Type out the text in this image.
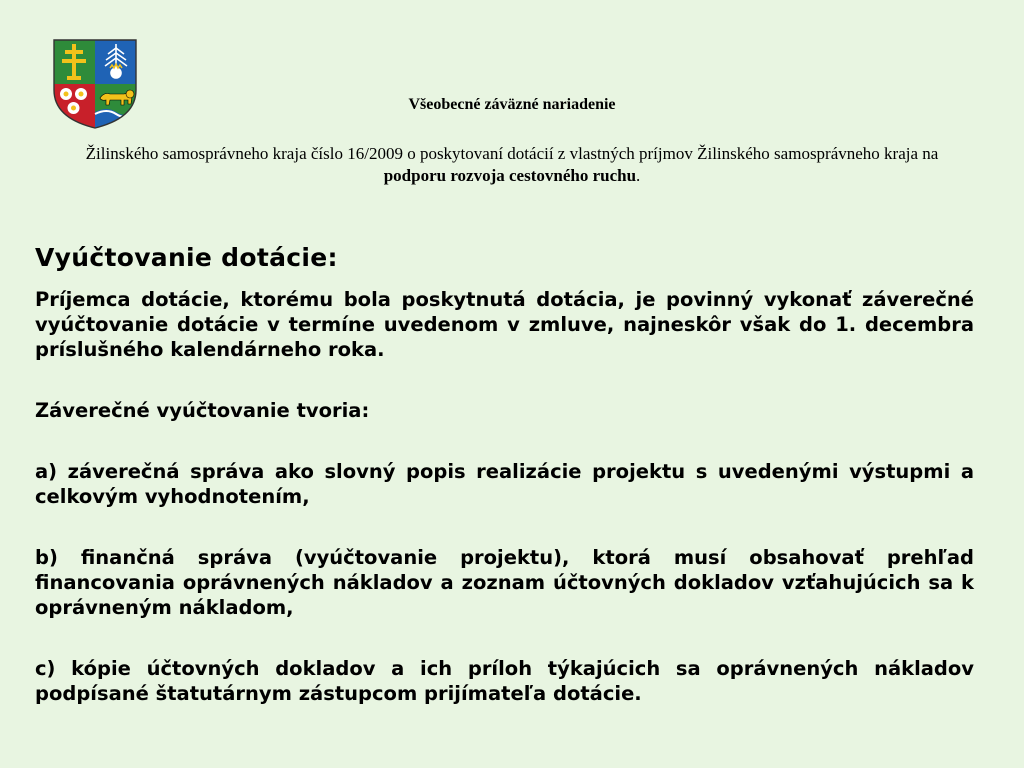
Všeobecné záväzné nariadenie
Žilinského samosprávneho kraja číslo 16/2009 o poskytovaní dotácií z vlastných príjmov Žilinského samosprávneho kraja na podporu rozvoja cestovného ruchu.
Vyúčtovanie dotácie:
Príjemca dotácie, ktorému bola poskytnutá dotácia, je povinný vykonať záverečné vyúčtovanie dotácie v termíne uvedenom v zmluve, najneskôr však do 1. decembra príslušného kalendárneho roka.
Záverečné vyúčtovanie tvoria:
a) záverečná správa ako slovný popis realizácie projektu s uvedenými výstupmi a celkovým vyhodnotením,
b) finančná správa (vyúčtovanie projektu), ktorá musí obsahovať prehľad financovania oprávnených nákladov a zoznam účtovných dokladov vzťahujúcich sa k oprávneným nákladom,
c) kópie účtovných dokladov a ich príloh týkajúcich sa oprávnených nákladov podpísané štatutárnym zástupcom prijímateľa dotácie.
